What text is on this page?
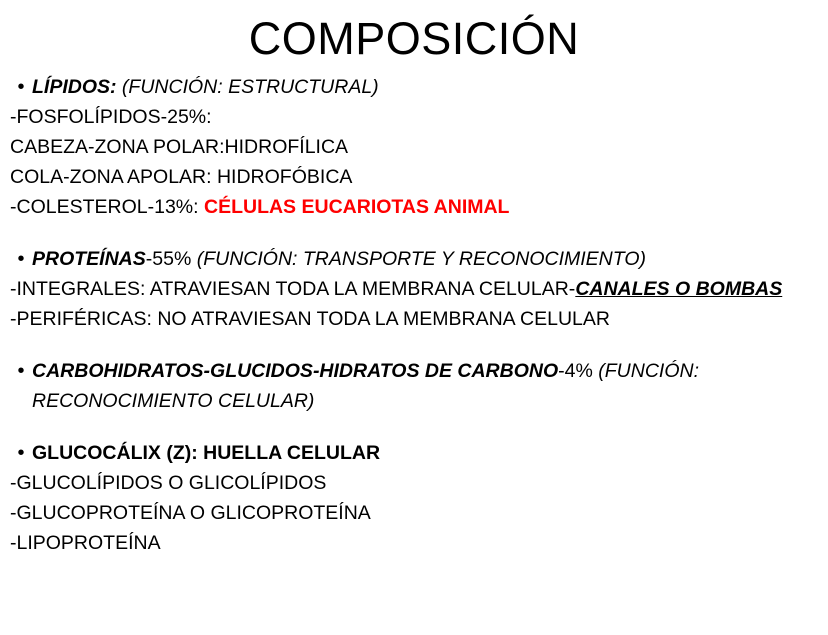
COMPOSICIÓN
• LÍPIDOS: (FUNCIÓN: ESTRUCTURAL)
-FOSFOLÍPIDOS-25%:
CABEZA-ZONA POLAR:HIDROFÍLICA
COLA-ZONA APOLAR: HIDROFÓBICA
-COLESTEROL-13%: CÉLULAS EUCARIOTAS ANIMAL
• PROTEÍNAS-55% (FUNCIÓN: TRANSPORTE Y RECONOCIMIENTO)
-INTEGRALES: ATRAVIESAN TODA LA MEMBRANA CELULAR-CANALES O BOMBAS
-PERIFÉRICAS: NO ATRAVIESAN TODA LA MEMBRANA CELULAR
• CARBOHIDRATOS-GLUCIDOS-HIDRATOS DE CARBONO-4% (FUNCIÓN:
RECONOCIMIENTO CELULAR)
• GLUCOCÁLIX (Z): HUELLA CELULAR
-GLUCOLÍPIDOS O GLICOLÍPIDOS
-GLUCOPROTEÍNA O GLICOPROTEÍNA
-LIPOPROTEÍNA
